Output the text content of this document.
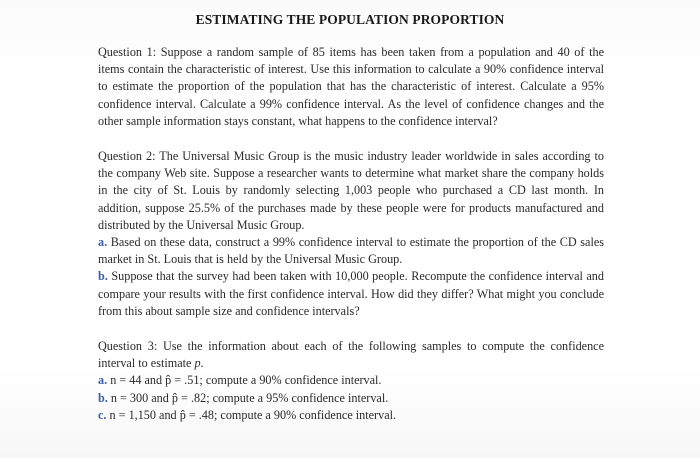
ESTIMATING THE POPULATION PROPORTION

Question 1: Suppose a random sample of 85 items has been taken from a population and 40 of the items contain the characteristic of interest. Use this information to calculate a 90% confidence interval to estimate the proportion of the population that has the characteristic of interest. Calculate a 95% confidence interval. Calculate a 99% confidence interval. As the level of confidence changes and the other sample information stays constant, what happens to the confidence interval?

Question 2: The Universal Music Group is the music industry leader worldwide in sales according to the company Web site. Suppose a researcher wants to determine what market share the company holds in the city of St. Louis by randomly selecting 1,003 people who purchased a CD last month. In addition, suppose 25.5% of the purchases made by these people were for products manufactured and distributed by the Universal Music Group.
a. Based on these data, construct a 99% confidence interval to estimate the proportion of the CD sales market in St. Louis that is held by the Universal Music Group.
b. Suppose that the survey had been taken with 10,000 people. Recompute the confidence interval and compare your results with the first confidence interval. How did they differ? What might you conclude from this about sample size and confidence intervals?
Question 3: Use the information about each of the following samples to compute the confidence interval to estimate p.
a. n = 44 and p̂ = .51; compute a 90% confidence interval.
b. n = 300 and p̂ = .82; compute a 95% confidence interval.
c. n = 1,150 and p̂ = .48; compute a 90% confidence interval.
